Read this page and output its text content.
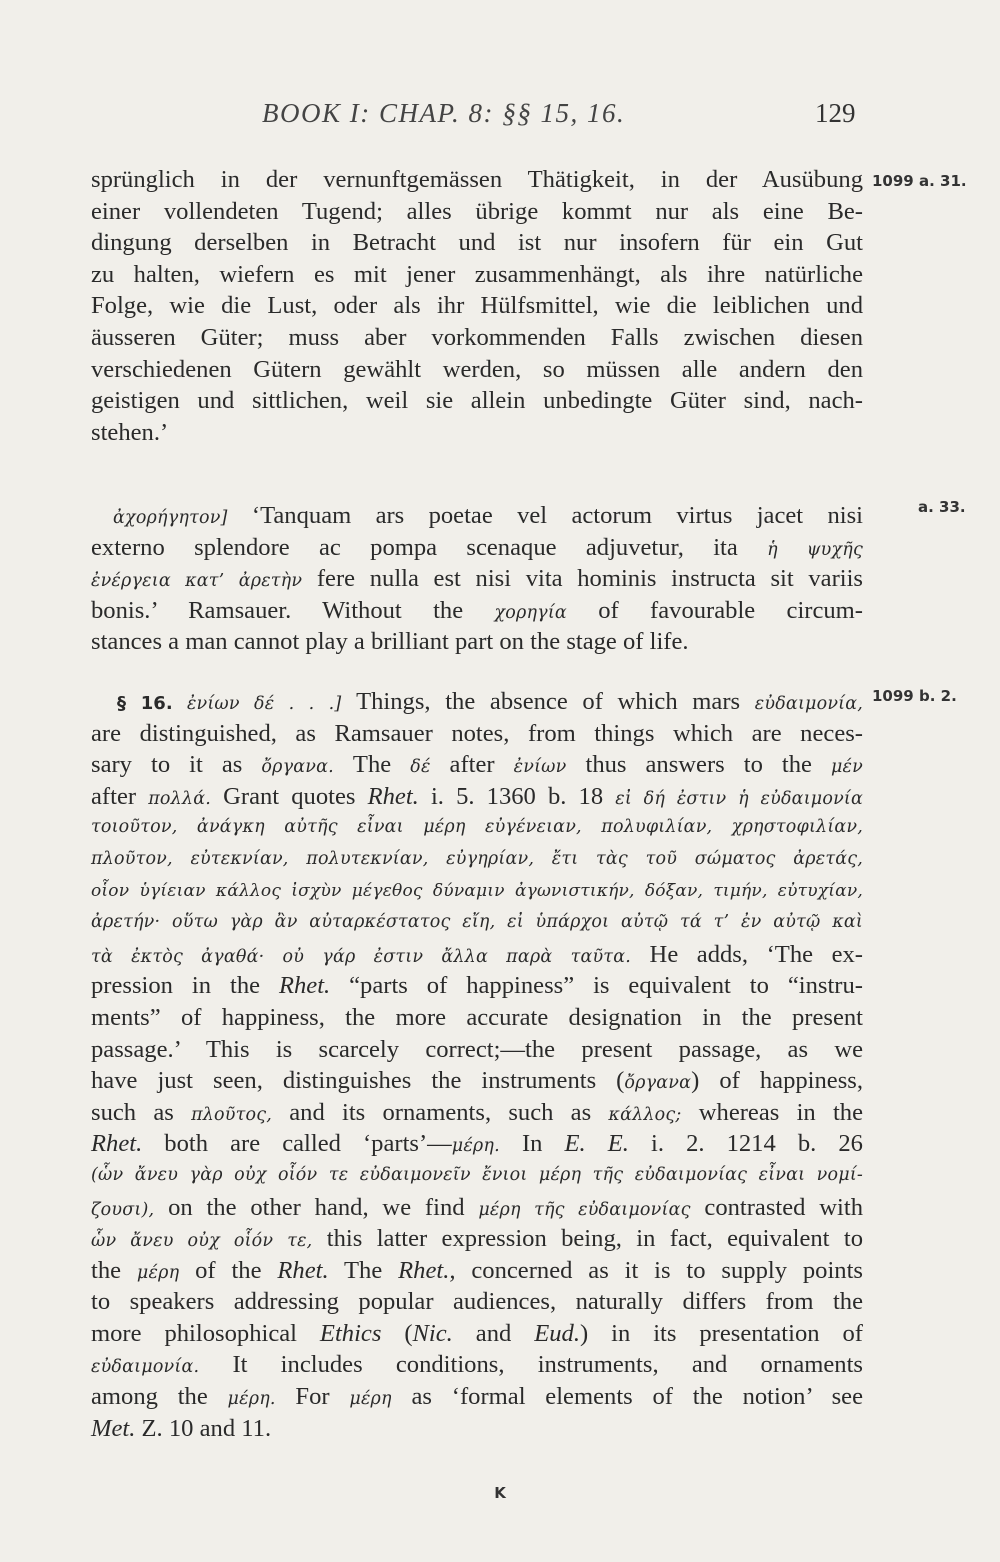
BOOK I: CHAP. 8: §§ 15, 16.	129
1099 a. 31.
a. 33.
1099 b. 2.
sprünglich in der vernunftgemässen Thätigkeit, in der Ausübung
einer vollendeten Tugend; alles übrige kommt nur als eine Be-
dingung derselben in Betracht und ist nur insofern für ein Gut
zu halten, wiefern es mit jener zusammenhängt, als ihre natürliche
Folge, wie die Lust, oder als ihr Hülfsmittel, wie die leiblichen und
äusseren Güter; muss aber vorkommenden Falls zwischen diesen
verschiedenen Gütern gewählt werden, so müssen alle andern den
geistigen und sittlichen, weil sie allein unbedingte Güter sind, nach-
stehen.’
ἀχορήγητον] ‘Tanquam ars poetae vel actorum virtus jacet nisi
externo splendore ac pompa scenaque adjuvetur, ita ἡ ψυχῆς
ἐνέργεια κατ’ ἀρετὴν fere nulla est nisi vita hominis instructa sit variis
bonis.’ Ramsauer. Without the χορηγία of favourable circum-
stances a man cannot play a brilliant part on the stage of life.
§ 16. ἐνίων δέ . . .] Things, the absence of which mars εὐδαιμονία,
are distinguished, as Ramsauer notes, from things which are neces-
sary to it as ὄργανα. The δέ after ἐνίων thus answers to the μέν
after πολλά. Grant quotes Rhet. i. 5. 1360 b. 18 εἰ δή ἐστιν ἡ εὐδαιμονία
τοιοῦτον, ἀνάγκη αὐτῆς εἶναι μέρη εὐγένειαν, πολυφιλίαν, χρηστοφιλίαν,
πλοῦτον, εὐτεκνίαν, πολυτεκνίαν, εὐγηρίαν, ἔτι τὰς τοῦ σώματος ἀρετάς,
οἷον ὑγίειαν κάλλος ἰσχὺν μέγεθος δύναμιν ἀγωνιστικήν, δόξαν, τιμήν, εὐτυχίαν,
ἀρετήν· οὕτω γὰρ ἂν αὐταρκέστατος εἴη, εἰ ὑπάρχοι αὐτῷ τά τ’ ἐν αὐτῷ καὶ
τὰ ἐκτὸς ἀγαθά· οὐ γάρ ἐστιν ἄλλα παρὰ ταῦτα. He adds, ‘The ex-
pression in the Rhet. “parts of happiness” is equivalent to “instru-
ments” of happiness, the more accurate designation in the present
passage.’ This is scarcely correct;—the present passage, as we
have just seen, distinguishes the instruments (ὄργανα) of happiness,
such as πλοῦτος, and its ornaments, such as κάλλος; whereas in the
Rhet. both are called ‘parts’—μέρη. In E. E. i. 2. 1214 b. 26
(ὧν ἄνευ γὰρ οὐχ οἷόν τε εὐδαιμονεῖν ἔνιοι μέρη τῆς εὐδαιμονίας εἶναι νομί-
ζουσι), on the other hand, we find μέρη τῆς εὐδαιμονίας contrasted with
ὧν ἄνευ οὐχ οἷόν τε, this latter expression being, in fact, equivalent to
the μέρη of the Rhet. The Rhet., concerned as it is to supply points
to speakers addressing popular audiences, naturally differs from the
more philosophical Ethics (Nic. and Eud.) in its presentation of
εὐδαιμονία. It includes conditions, instruments, and ornaments
among the μέρη. For μέρη as ‘formal elements of the notion’ see
Met. Z. 10 and 11.
K
